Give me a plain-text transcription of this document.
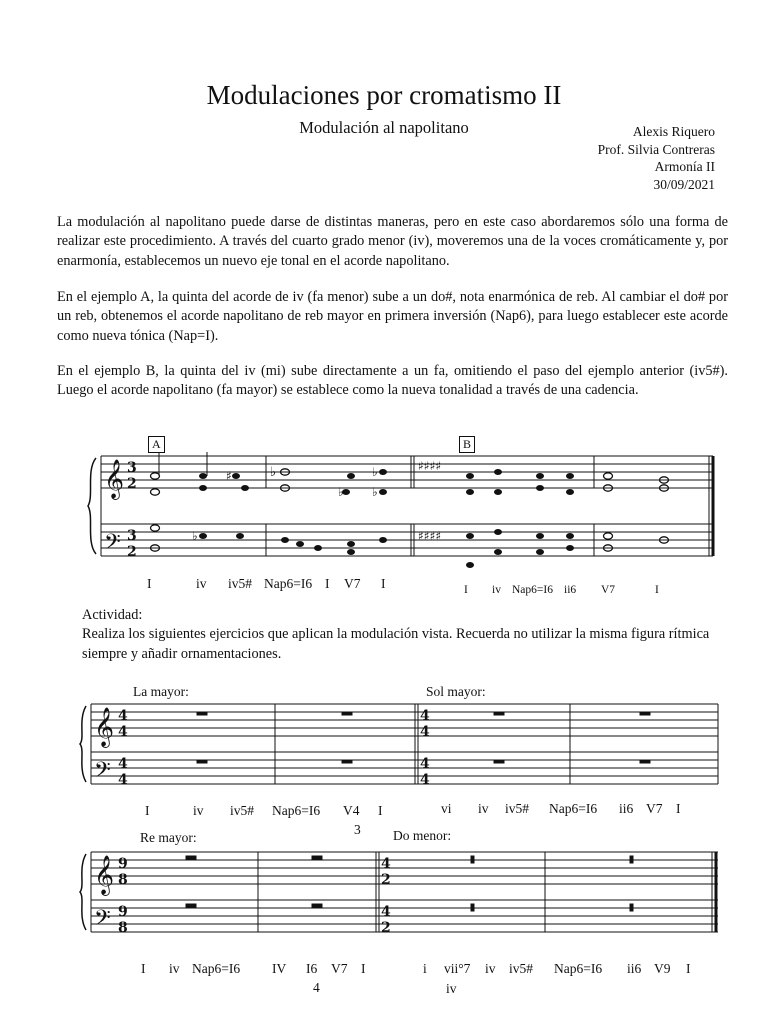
Modulaciones por cromatismo II
Modulación al napolitano	Alexis Riquero
Prof. Silvia Contreras
Armonía II
30/09/2021
La modulación al napolitano puede darse de distintas maneras, pero en este caso abordaremos sólo una forma de realizar este procedimiento. A través del cuarto grado menor (iv), moveremos una de la voces cromáticamente y, por enarmonía, establecemos un nuevo eje tonal en el acorde napolitano.
En el ejemplo A, la quinta del acorde de iv (fa menor) sube a un do#, nota enarmónica de reb. Al cambiar el do# por un reb, obtenemos el acorde napolitano de reb mayor en primera inversión (Nap6), para luego establecer este acorde como nueva tónica (Nap=I).
En el ejemplo B, la quinta del iv (mi) sube directamente a un fa, omitiendo el paso del ejemplo anterior (iv5#). Luego el acorde napolitano (fa mayor) se establece como la nueva tonalidad a través de una cadencia.
𝄞
𝄢
3
2
3
2
♯	♭
♭
♭
♭
♭
♯♯♯♯
♯♯♯♯
A	B
I	iv iv5# Nap6=I6 I V7 I	I iv Nap6=I6 ii6 V7	I
Actividad:
Realiza los siguientes ejercicios que aplican la modulación vista. Recuerda no utilizar la misma figura rítmica siempre y añadir ornamentaciones.
𝄞
𝄢
𝄞
𝄢
4
4
4
4
4
4
4
4
9
8
9
8
4
2
4
2
La mayor:	Sol mayor:
Re mayor:	Do menor:
I	iv iv5# Nap6=I6 V4 I
3
vi iv iv5# Nap6=I6 ii6 V7 I
I iv Nap6=I6 IV I6 V7 I
4
i vii°7 iv iv5# Nap6=I6 ii6 V9 I
iv
